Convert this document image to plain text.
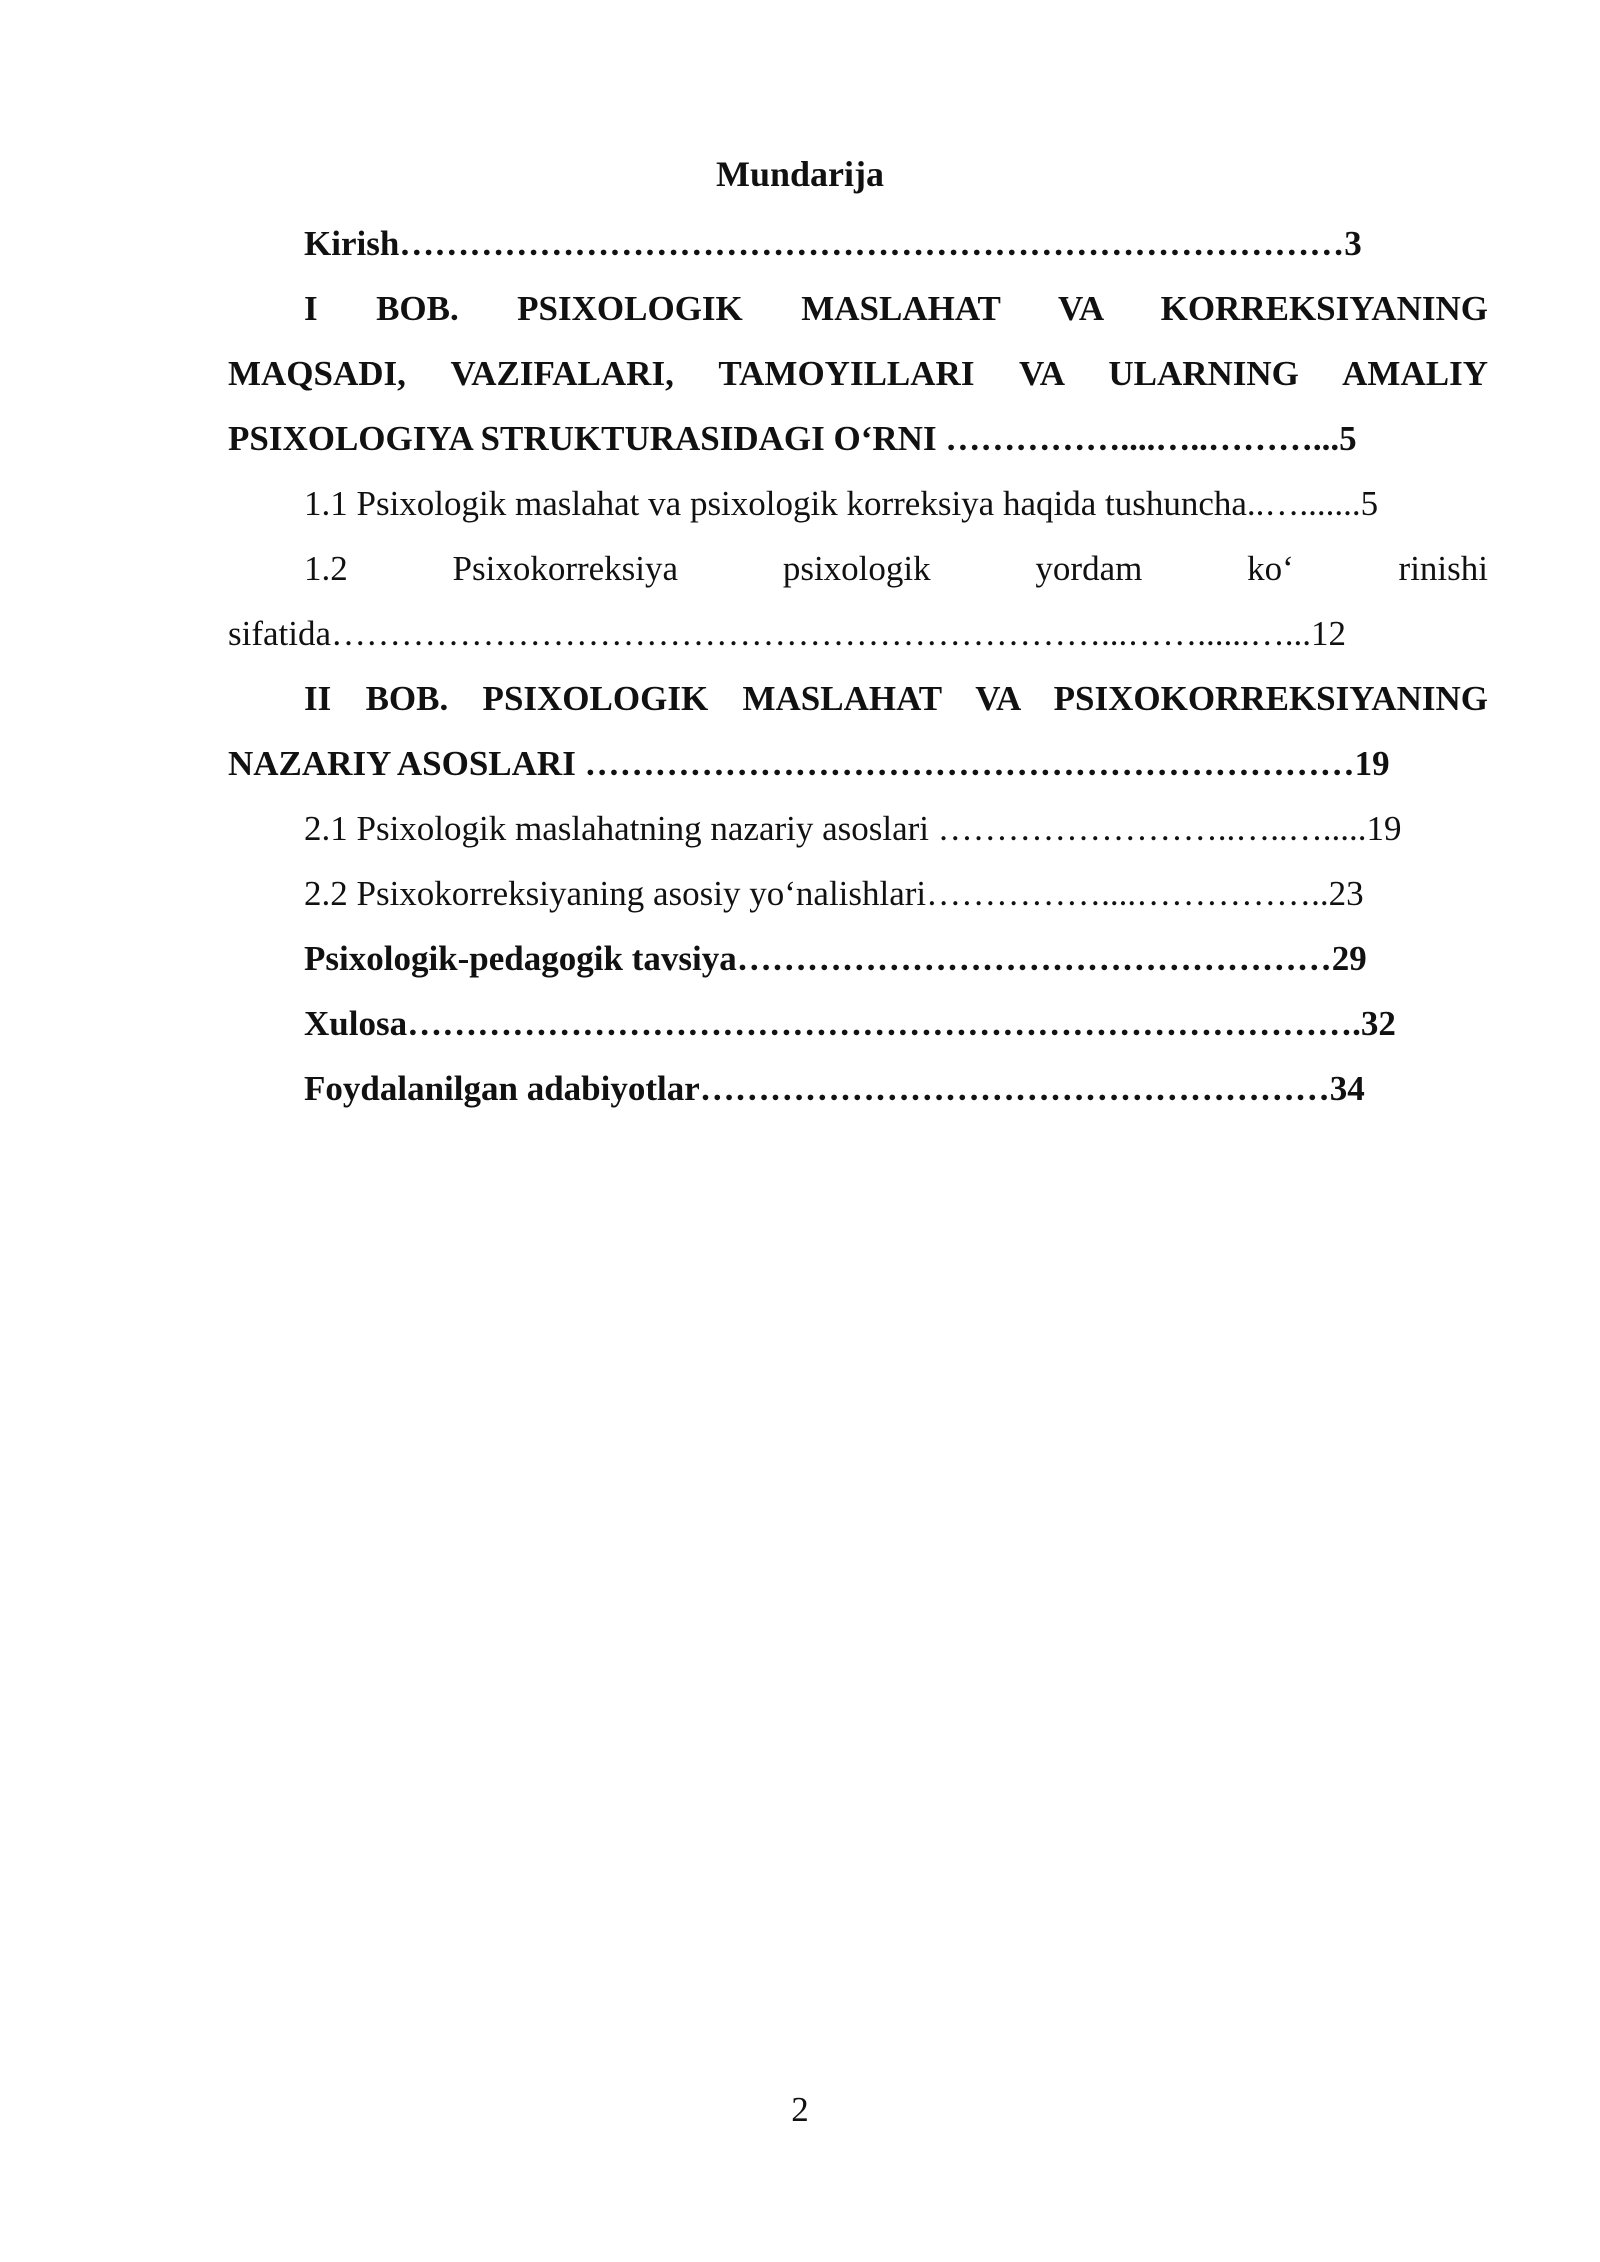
Mundarija
Kirish………………………………………………………………………3
I BOB. PSIXOLOGIK MASLAHAT VA KORREKSIYANING
MAQSADI, VAZIFALARI, TAMOYILLARI VA ULARNING AMALIY
PSIXOLOGIYA STRUKTURASIDAGI O‘RNI ……………....…..………...5
1.1 Psixologik maslahat va psixologik korreksiya haqida tushuncha..….......5
1.2 Psixokorreksiya psixologik yordam ko‘ rinishi
sifatida…………………………………………………………...……......…...12
II BOB. PSIXOLOGIK MASLAHAT VA PSIXOKORREKSIYANING
NAZARIY ASOSLARI …………………………………………………………19
2.1 Psixologik maslahatning nazariy asoslari ……………………..…..….....19
2.2 Psixokorreksiyaning asosiy yo‘nalishlari……………....……………..23
Psixologik-pedagogik tavsiya……………………………………………29
Xulosa……………………………………………………………………….32
Foydalanilgan adabiyotlar………………………………………………34
2
